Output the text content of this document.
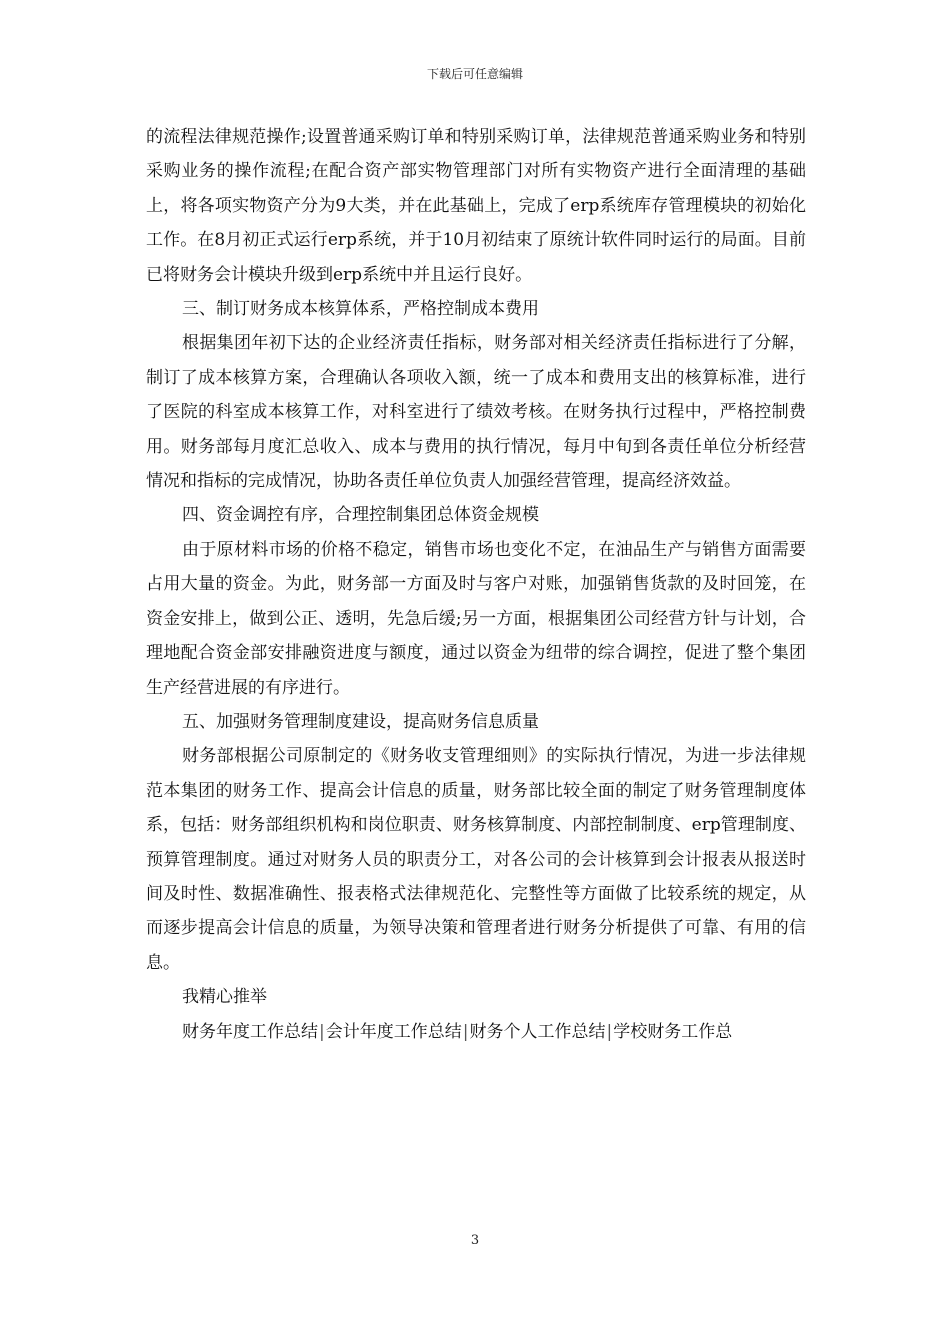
下载后可任意编辑

的流程法律规范操作;设置普通采购订单和特别采购订单，法律规范普通采购业务和特别采购业务的操作流程;在配合资产部实物管理部门对所有实物资产进行全面清理的基础上，将各项实物资产分为9大类，并在此基础上，完成了erp系统库存管理模块的初始化工作。在8月初正式运行erp系统，并于10月初结束了原统计软件同时运行的局面。目前已将财务会计模块升级到erp系统中并且运行良好。

三、制订财务成本核算体系，严格控制成本费用

根据集团年初下达的企业经济责任指标，财务部对相关经济责任指标进行了分解，制订了成本核算方案，合理确认各项收入额，统一了成本和费用支出的核算标准，进行了医院的科室成本核算工作，对科室进行了绩效考核。在财务执行过程中，严格控制费用。财务部每月度汇总收入、成本与费用的执行情况，每月中旬到各责任单位分析经营情况和指标的完成情况，协助各责任单位负责人加强经营管理，提高经济效益。

四、资金调控有序，合理控制集团总体资金规模

由于原材料市场的价格不稳定，销售市场也变化不定，在油品生产与销售方面需要占用大量的资金。为此，财务部一方面及时与客户对账，加强销售货款的及时回笼，在资金安排上，做到公正、透明，先急后缓;另一方面，根据集团公司经营方针与计划，合理地配合资金部安排融资进度与额度，通过以资金为纽带的综合调控，促进了整个集团生产经营进展的有序进行。

五、加强财务管理制度建设，提高财务信息质量

财务部根据公司原制定的《财务收支管理细则》的实际执行情况，为进一步法律规范本集团的财务工作、提高会计信息的质量，财务部比较全面的制定了财务管理制度体系，包括：财务部组织机构和岗位职责、财务核算制度、内部控制制度、erp管理制度、预算管理制度。通过对财务人员的职责分工，对各公司的会计核算到会计报表从报送时间及时性、数据准确性、报表格式法律规范化、完整性等方面做了比较系统的规定，从而逐步提高会计信息的质量，为领导决策和管理者进行财务分析提供了可靠、有用的信息。

我精心推举

财务年度工作总结|会计年度工作总结|财务个人工作总结|学校财务工作总
3
